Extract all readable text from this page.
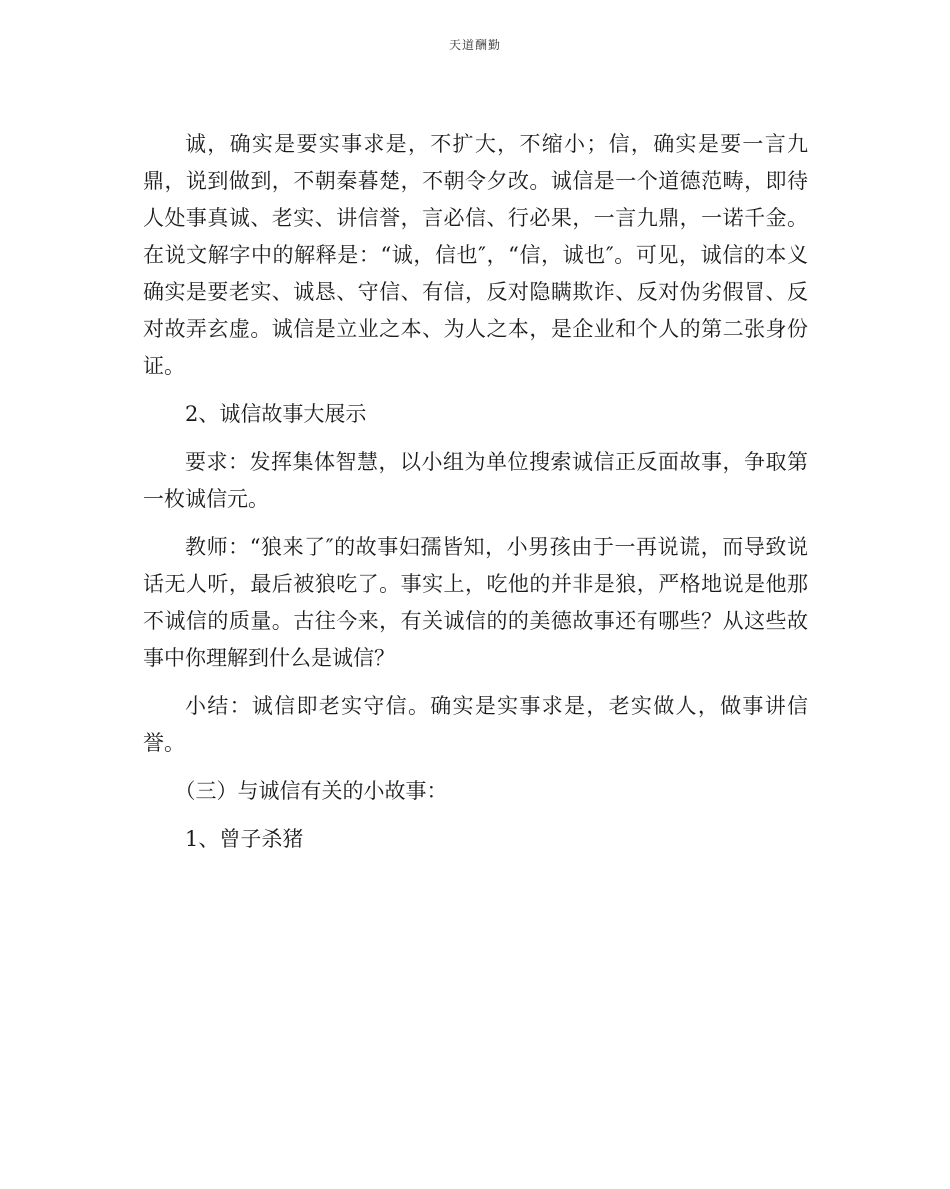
天道酬勤

诚，确实是要实事求是，不扩大，不缩小；信，确实是要一言九鼎，说到做到，不朝秦暮楚，不朝令夕改。诚信是一个道德范畴，即待人处事真诚、老实、讲信誉，言必信、行必果，一言九鼎，一诺千金。在说文解字中的解释是：“诚，信也″，“信，诚也″。可见，诚信的本义确实是要老实、诚恳、守信、有信，反对隐瞒欺诈、反对伪劣假冒、反对故弄玄虚。诚信是立业之本、为人之本，是企业和个人的第二张身份证。

2、诚信故事大展示

要求：发挥集体智慧，以小组为单位搜索诚信正反面故事，争取第一枚诚信元。

教师：“狼来了″的故事妇孺皆知，小男孩由于一再说谎，而导致说话无人听，最后被狼吃了。事实上，吃他的并非是狼，严格地说是他那不诚信的质量。古往今来，有关诚信的的美德故事还有哪些？从这些故事中你理解到什么是诚信？

小结：诚信即老实守信。确实是实事求是，老实做人，做事讲信誉。

（三）与诚信有关的小故事：

1、曾子杀猪
